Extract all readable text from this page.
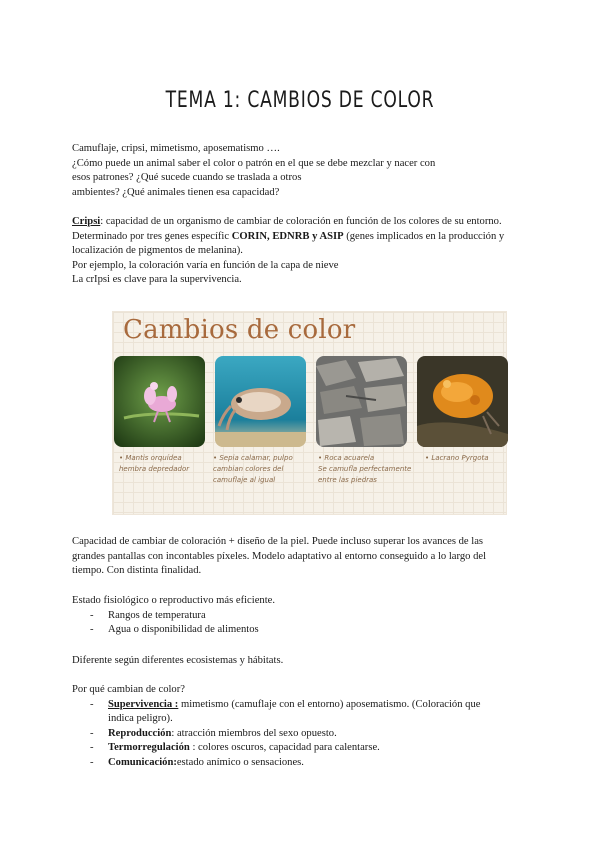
TEMA 1: CAMBIOS DE COLOR

Camuflaje, cripsi, mimetismo, aposematismo ….

¿Cómo puede un animal saber el color o patrón en el que se debe mezclar y nacer con

esos patrones? ¿Qué sucede cuando se traslada a otros

ambientes? ¿Qué animales tienen esa capacidad?

Cripsi: capacidad de un organismo de cambiar de coloración en función de los colores de su entorno.

Determinado por tres genes específic CORIN, EDNRB y ASIP (genes implicados en la producción y

localización de pigmentos de melanina).

Por ejemplo, la coloración varía en función de la capa de nieve

La crIpsi es clave para la supervivencia.

Cambios de color
• Mantis orquídea
hembra depredador
• Sepia calamar, pulpo
cambian colores del
camuflaje al igual
• Roca acuarela
Se camufla perfectamente
entre las piedras
• Lacrano Pyrgota

Capacidad de cambiar de coloración + diseño de la piel. Puede incluso superar los avances de las

grandes pantallas con incontables píxeles. Modelo adaptativo al entorno conseguido a lo largo del

tiempo. Con distinta finalidad.

Estado fisiológico o reproductivo más eficiente.

- Rangos de temperatura
- Agua o disponibilidad de alimentos

Diferente según diferentes ecosistemas y hábitats.

Por qué cambian de color?

- Supervivencia : mimetismo (camuflaje con el entorno) aposematismo. (Coloración que
indica peligro).
- Reproducción: atracción miembros del sexo opuesto.
- Termorregulación : colores oscuros, capacidad para calentarse.
- Comunicación:estado anímico o sensaciones.
